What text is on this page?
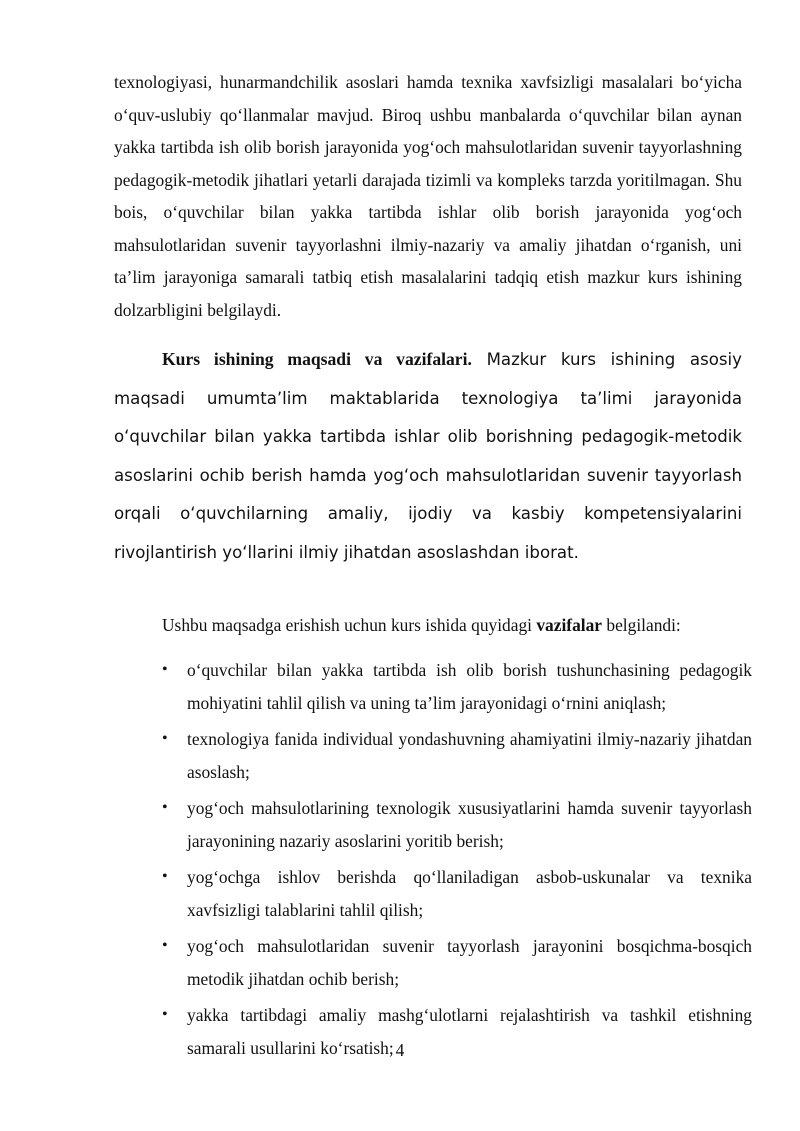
texnologiyasi, hunarmandchilik asoslari hamda texnika xavfsizligi masalalari boʻyicha oʻquv-uslubiy qoʻllanmalar mavjud. Biroq ushbu manbalarda oʻquvchilar bilan aynan yakka tartibda ish olib borish jarayonida yogʻoch mahsulotlaridan suvenir tayyorlashning pedagogik-metodik jihatlari yetarli darajada tizimli va kompleks tarzda yoritilmagan. Shu bois, oʻquvchilar bilan yakka tartibda ishlar olib borish jarayonida yogʻoch mahsulotlaridan suvenir tayyorlashni ilmiy-nazariy va amaliy jihatdan oʻrganish, uni taʼlim jarayoniga samarali tatbiq etish masalalarini tadqiq etish mazkur kurs ishining dolzarbligini belgilaydi.

Kurs ishining maqsadi va vazifalari. Mazkur kurs ishining asosiy maqsadi umumtaʼlim maktablarida texnologiya taʼlimi jarayonida oʻquvchilar bilan yakka tartibda ishlar olib borishning pedagogik-metodik asoslarini ochib berish hamda yogʻoch mahsulotlaridan suvenir tayyorlash orqali oʻquvchilarning amaliy, ijodiy va kasbiy kompetensiyalarini rivojlantirish yoʻllarini ilmiy jihatdan asoslashdan iborat.

Ushbu maqsadga erishish uchun kurs ishida quyidagi vazifalar belgilandi:

• oʻquvchilar bilan yakka tartibda ish olib borish tushunchasining pedagogik mohiyatini tahlil qilish va uning taʼlim jarayonidagi oʻrnini aniqlash;
• texnologiya fanida individual yondashuvning ahamiyatini ilmiy-nazariy jihatdan asoslash;
• yogʻoch mahsulotlarining texnologik xususiyatlarini hamda suvenir tayyorlash jarayonining nazariy asoslarini yoritib berish;
• yogʻochga ishlov berishda qoʻllaniladigan asbob-uskunalar va texnika xavfsizligi talablarini tahlil qilish;
• yogʻoch mahsulotlaridan suvenir tayyorlash jarayonini bosqichma-bosqich metodik jihatdan ochib berish;
• yakka tartibdagi amaliy mashgʻulotlarni rejalashtirish va tashkil etishning samarali usullarini koʻrsatish; 4
